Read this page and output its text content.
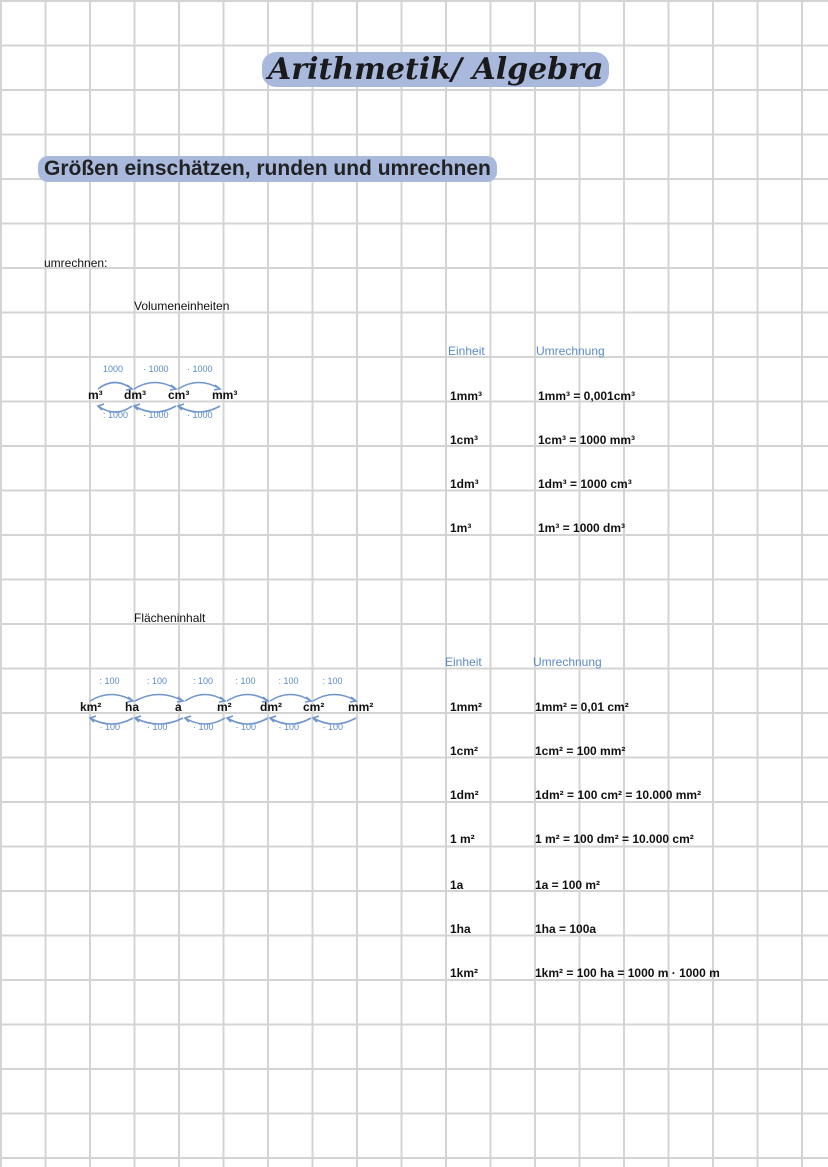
Arithmetik/ Algebra
Größen einschätzen, runden und umrechnen
umrechnen:
Volumeneinheiten
m³ dm³ cm³ mm³
1000
: 1000
· 1000
· 1000
· 1000
· 1000
Einheit	Umrechnung
1mm³	1mm³ = 0,001cm³
1cm³	1cm³ = 1000 mm³
1dm³	1dm³ = 1000 cm³
1m³	1m³ = 1000 dm³
Flächeninhalt
km² ha	a	m² dm² cm² mm²
: 100
· 100
: 100
· 100
: 100
· 100
: 100
· 100
: 100
· 100
: 100
· 100
Einheit	Umrechnung
1mm²	1mm² = 0,01 cm²
1cm²	1cm² = 100 mm²
1dm²	1dm² = 100 cm² = 10.000 mm²
1 m²	1 m² = 100 dm² = 10.000 cm²
1a	1a = 100 m²
1ha	1ha = 100a
1km²	1km² = 100 ha = 1000 m · 1000 m
